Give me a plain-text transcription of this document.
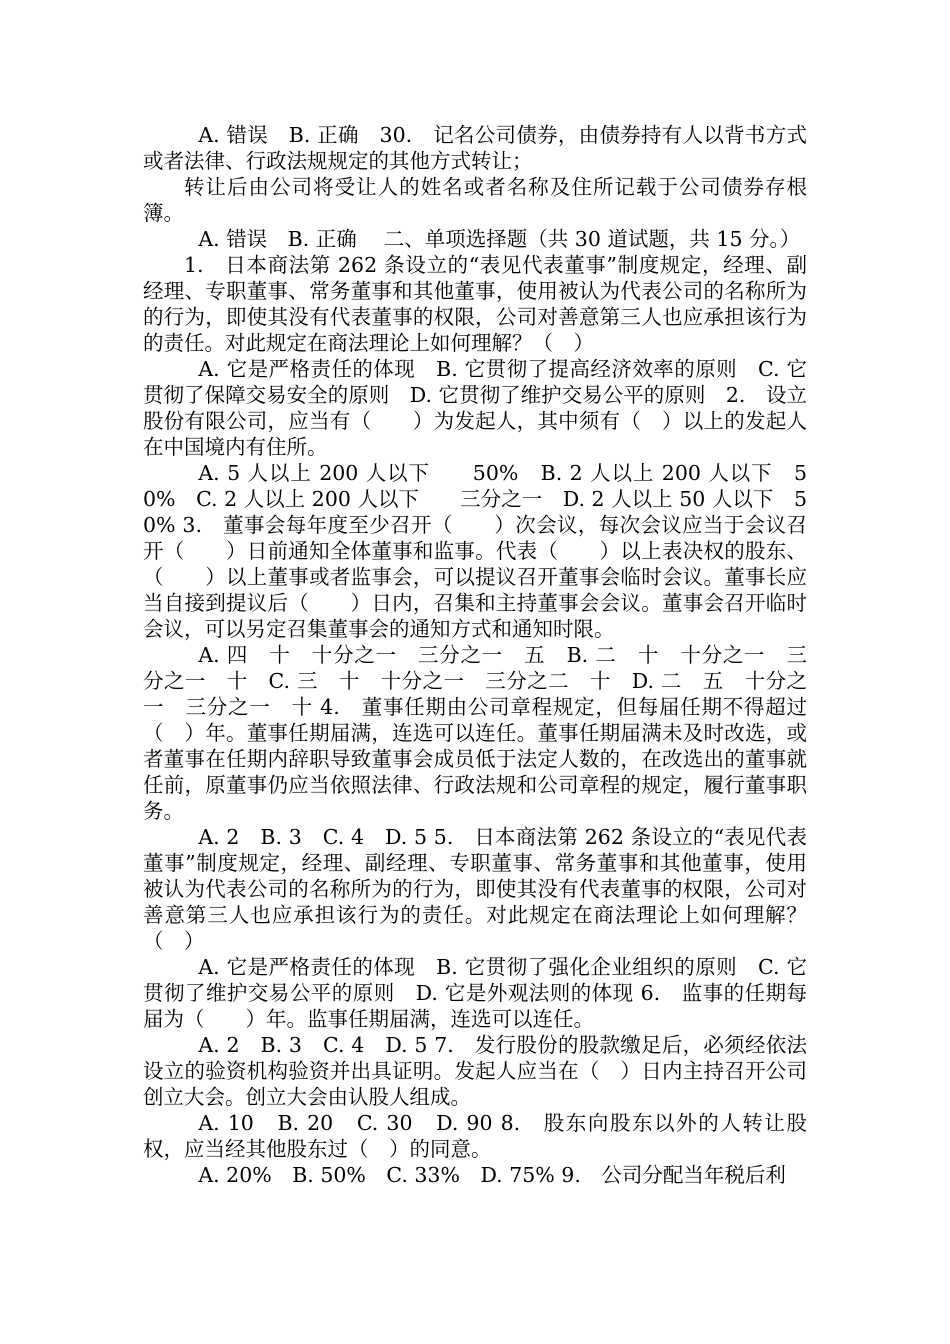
A. 错误　B. 正确　30.　记名公司债券，由债券持有人以背书方式或者法律、行政法规规定的其他方式转让；

转让后由公司将受让人的姓名或者名称及住所记载于公司债券存根簿。

A. 错误　B. 正确　 二、单项选择题（共 30 道试题，共 15 分。）

1.　日本商法第 262 条设立的“表见代表董事”制度规定，经理、副经理、专职董事、常务董事和其他董事，使用被认为代表公司的名称所为的行为，即使其没有代表董事的权限，公司对善意第三人也应承担该行为的责任。对此规定在商法理论上如何理解？（　）

A. 它是严格责任的体现　B. 它贯彻了提高经济效率的原则　C. 它贯彻了保障交易安全的原则　D. 它贯彻了维护交易公平的原则　2.　设立股份有限公司，应当有（　　）为发起人，其中须有（　）以上的发起人在中国境内有住所。

A. 5 人以上 200 人以下　　50%　B. 2 人以上 200 人以下　50%　C. 2 人以上 200 人以下　　三分之一　D. 2 人以上 50 人以下　50% 3.　董事会每年度至少召开（　　）次会议，每次会议应当于会议召开（　　）日前通知全体董事和监事。代表（　　）以上表决权的股东、（　　）以上董事或者监事会，可以提议召开董事会临时会议。董事长应当自接到提议后（　　）日内，召集和主持董事会会议。董事会召开临时会议，可以另定召集董事会的通知方式和通知时限。

A. 四　十　十分之一　三分之一　五　B. 二　十　十分之一　三分之一　十　C. 三　十　十分之一　三分之二　十　D. 二　五　十分之一　三分之一　十 4.　董事任期由公司章程规定，但每届任期不得超过（　）年。董事任期届满，连选可以连任。董事任期届满未及时改选，或者董事在任期内辞职导致董事会成员低于法定人数的，在改选出的董事就任前，原董事仍应当依照法律、行政法规和公司章程的规定，履行董事职务。

A. 2　B. 3　C. 4　D. 5 5.　日本商法第 262 条设立的“表见代表董事”制度规定，经理、副经理、专职董事、常务董事和其他董事，使用被认为代表公司的名称所为的行为，即使其没有代表董事的权限，公司对善意第三人也应承担该行为的责任。对此规定在商法理论上如何理解？（　）

A. 它是严格责任的体现　B. 它贯彻了强化企业组织的原则　C. 它贯彻了维护交易公平的原则　D. 它是外观法则的体现 6.　监事的任期每届为（　　）年。监事任期届满，连选可以连任。

A. 2　B. 3　C. 4　D. 5 7.　发行股份的股款缴足后，必须经依法设立的验资机构验资并出具证明。发起人应当在（　）日内主持召开公司创立大会。创立大会由认股人组成。

A. 10　B. 20　C. 30　D. 90 8.　股东向股东以外的人转让股权，应当经其他股东过（　）的同意。

A. 20%　B. 50%　C. 33%　D. 75% 9.　公司分配当年税后利
